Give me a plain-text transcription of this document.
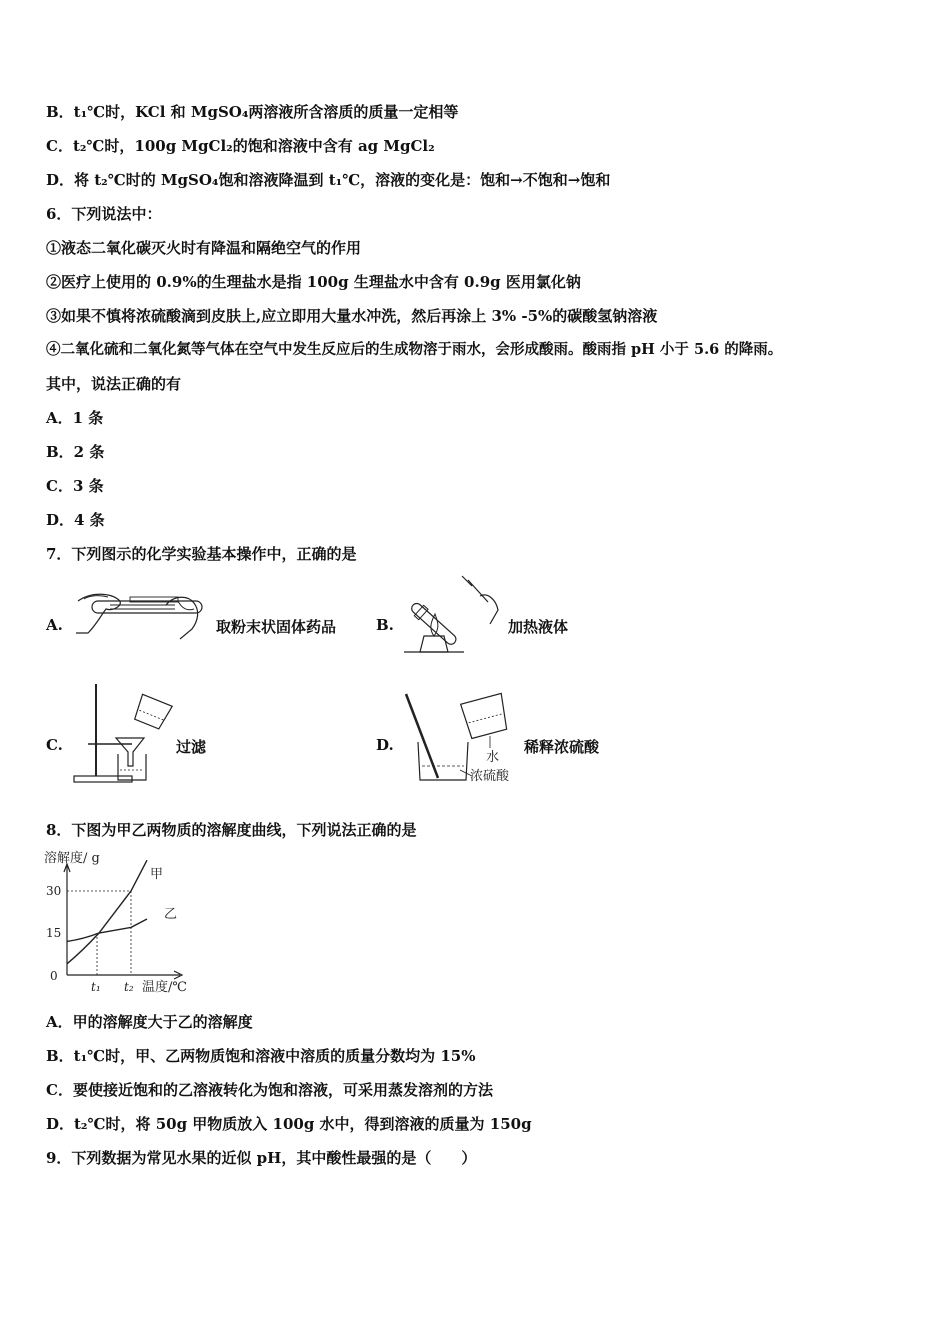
B．t₁℃时，KCl 和 MgSO₄两溶液所含溶质的质量一定相等
C．t₂℃时，100g MgCl₂的饱和溶液中含有 ag MgCl₂
D．将 t₂℃时的 MgSO₄饱和溶液降温到 t₁℃，溶液的变化是：饱和→不饱和→饱和
6．下列说法中：
①液态二氧化碳灭火时有降温和隔绝空气的作用
②医疗上使用的 0.9%的生理盐水是指 100g 生理盐水中含有 0.9g 医用氯化钠
③如果不慎将浓硫酸滴到皮肤上,应立即用大量水冲洗，然后再涂上 3% -5%的碳酸氢钠溶液
④二氧化硫和二氧化氮等气体在空气中发生反应后的生成物溶于雨水，会形成酸雨。酸雨指 pH 小于 5.6 的降雨。
其中，说法正确的有
A．1 条
B．2 条
C．3 条
D．4 条
7．下列图示的化学实验基本操作中，正确的是
A.	取粉末状固体药品	B.	加热液体
C.	过滤	D.
水
浓硫酸
稀释浓硫酸
8．下图为甲乙两物质的溶解度曲线，下列说法正确的是
溶解度/ g
温度/℃
30
15
0
t₁ t₂
甲
乙
A．甲的溶解度大于乙的溶解度
B．t₁℃时，甲、乙两物质饱和溶液中溶质的质量分数均为 15%
C．要使接近饱和的乙溶液转化为饱和溶液，可采用蒸发溶剂的方法
D．t₂℃时，将 50g 甲物质放入 100g 水中，得到溶液的质量为 150g
9．下列数据为常见水果的近似 pH，其中酸性最强的是（　　）
